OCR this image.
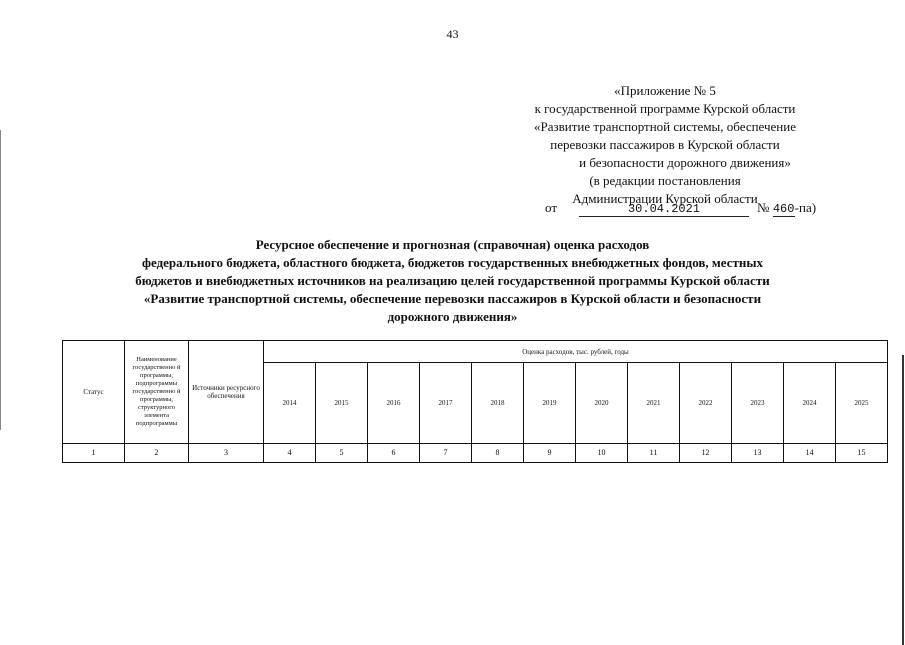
43
«Приложение № 5
к государственной программе Курской области
«Развитие транспортной системы, обеспечение
перевозки пассажиров в Курской области
и безопасности дорожного движения»
(в редакции постановления
Администрации Курской области
от	30.04.2021	№ 460-па)
Ресурсное обеспечение и прогнозная (справочная) оценка расходов
федерального бюджета, областного бюджета, бюджетов государственных внебюджетных фондов, местных
бюджетов и внебюджетных источников на реализацию целей государственной программы Курской области
«Развитие транспортной системы, обеспечение перевозки пассажиров в Курской области и безопасности
дорожного движения»
Статус	Наименование государственно й программы, подпрограммы государственно й программы, структурного элемента подпрограммы	Источники ресурсного обеспечения	Оценка расходов, тыс. рублей, годы											
			2014	2015	2016	2017	2018	2019	2020	2021	2022	2023	2024	2025
1	2	3	4	5	6	7	8	9	10	11	12	13	14	15
